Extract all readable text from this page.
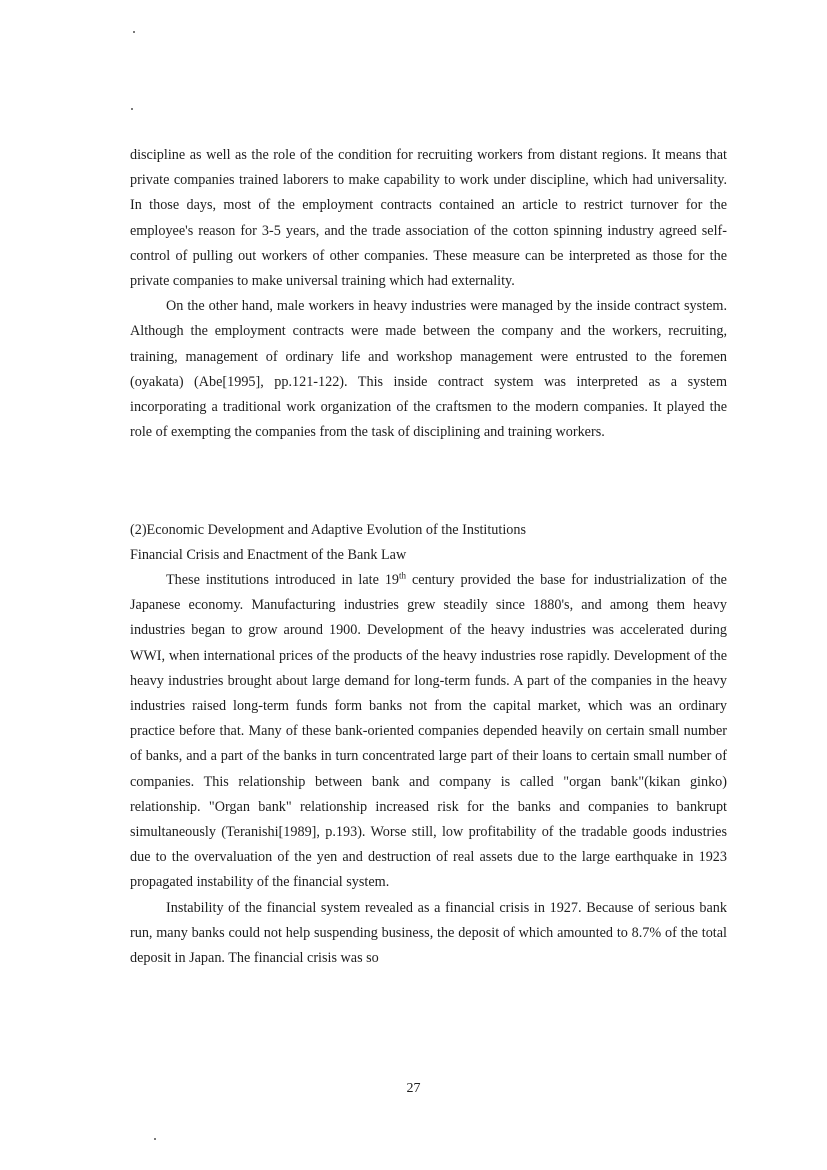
discipline as well as the role of the condition for recruiting workers from distant regions. It means that private companies trained laborers to make capability to work under discipline, which had universality. In those days, most of the employment contracts contained an article to restrict turnover for the employee's reason for 3-5 years, and the trade association of the cotton spinning industry agreed self-control of pulling out workers of other companies. These measure can be interpreted as those for the private companies to make universal training which had externality.

On the other hand, male workers in heavy industries were managed by the inside contract system. Although the employment contracts were made between the company and the workers, recruiting, training, management of ordinary life and workshop management were entrusted to the foremen (oyakata) (Abe[1995], pp.121-122). This inside contract system was interpreted as a system incorporating a traditional work organization of the craftsmen to the modern companies. It played the role of exempting the companies from the task of disciplining and training workers.

(2)Economic Development and Adaptive Evolution of the Institutions
Financial Crisis and Enactment of the Bank Law

These institutions introduced in late 19th century provided the base for industrialization of the Japanese economy. Manufacturing industries grew steadily since 1880's, and among them heavy industries began to grow around 1900. Development of the heavy industries was accelerated during WWI, when international prices of the products of the heavy industries rose rapidly. Development of the heavy industries brought about large demand for long-term funds. A part of the companies in the heavy industries raised long-term funds form banks not from the capital market, which was an ordinary practice before that. Many of these bank-oriented companies depended heavily on certain small number of banks, and a part of the banks in turn concentrated large part of their loans to certain small number of companies. This relationship between bank and company is called "organ bank"(kikan ginko) relationship. "Organ bank" relationship increased risk for the banks and companies to bankrupt simultaneously (Teranishi[1989], p.193). Worse still, low profitability of the tradable goods industries due to the overvaluation of the yen and destruction of real assets due to the large earthquake in 1923 propagated instability of the financial system.

Instability of the financial system revealed as a financial crisis in 1927. Because of serious bank run, many banks could not help suspending business, the deposit of which amounted to 8.7% of the total deposit in Japan. The financial crisis was so

27
